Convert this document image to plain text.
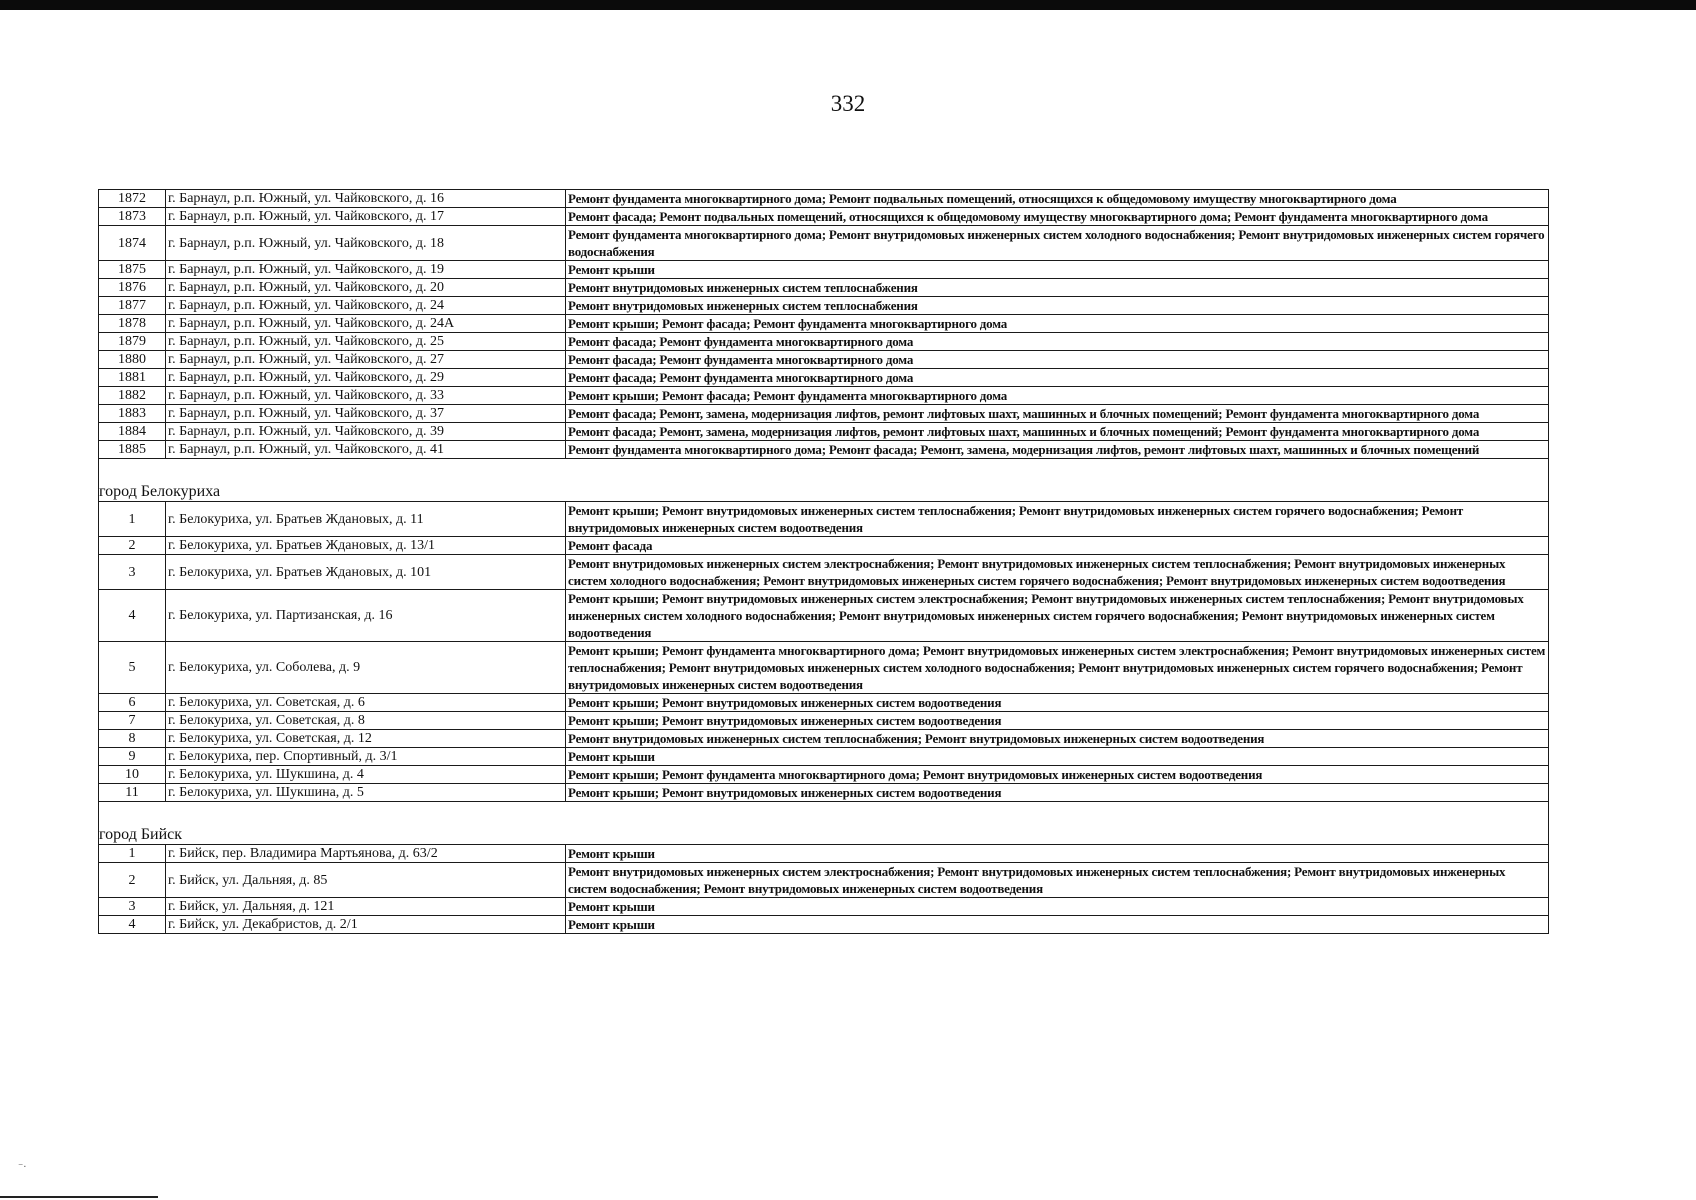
332
1872	г. Барнаул, р.п. Южный, ул. Чайковского, д. 16	Ремонт фундамента многоквартирного дома; Ремонт подвальных помещений, относящихся к общедомовому имуществу многоквартирного дома
1873	г. Барнаул, р.п. Южный, ул. Чайковского, д. 17	Ремонт фасада; Ремонт подвальных помещений, относящихся к общедомовому имуществу многоквартирного дома; Ремонт фундамента многоквартирного дома
1874	г. Барнаул, р.п. Южный, ул. Чайковского, д. 18	Ремонт фундамента многоквартирного дома; Ремонт внутридомовых инженерных систем холодного водоснабжения; Ремонт внутридомовых инженерных систем горячего водоснабжения
1875	г. Барнаул, р.п. Южный, ул. Чайковского, д. 19	Ремонт крыши
1876	г. Барнаул, р.п. Южный, ул. Чайковского, д. 20	Ремонт внутридомовых инженерных систем теплоснабжения
1877	г. Барнаул, р.п. Южный, ул. Чайковского, д. 24	Ремонт внутридомовых инженерных систем теплоснабжения
1878	г. Барнаул, р.п. Южный, ул. Чайковского, д. 24А	Ремонт крыши; Ремонт фасада; Ремонт фундамента многоквартирного дома
1879	г. Барнаул, р.п. Южный, ул. Чайковского, д. 25	Ремонт фасада; Ремонт фундамента многоквартирного дома
1880	г. Барнаул, р.п. Южный, ул. Чайковского, д. 27	Ремонт фасада; Ремонт фундамента многоквартирного дома
1881	г. Барнаул, р.п. Южный, ул. Чайковского, д. 29	Ремонт фасада; Ремонт фундамента многоквартирного дома
1882	г. Барнаул, р.п. Южный, ул. Чайковского, д. 33	Ремонт крыши; Ремонт фасада; Ремонт фундамента многоквартирного дома
1883	г. Барнаул, р.п. Южный, ул. Чайковского, д. 37	Ремонт фасада; Ремонт, замена, модернизация лифтов, ремонт лифтовых шахт, машинных и блочных помещений; Ремонт фундамента многоквартирного дома
1884	г. Барнаул, р.п. Южный, ул. Чайковского, д. 39	Ремонт фасада; Ремонт, замена, модернизация лифтов, ремонт лифтовых шахт, машинных и блочных помещений; Ремонт фундамента многоквартирного дома
1885	г. Барнаул, р.п. Южный, ул. Чайковского, д. 41	Ремонт фундамента многоквартирного дома; Ремонт фасада; Ремонт, замена, модернизация лифтов, ремонт лифтовых шахт, машинных и блочных помещений
город Белокуриха		
1	г. Белокуриха, ул. Братьев Ждановых, д. 11	Ремонт крыши; Ремонт внутридомовых инженерных систем теплоснабжения; Ремонт внутридомовых инженерных систем горячего водоснабжения; Ремонт внутридомовых инженерных систем водоотведения
2	г. Белокуриха, ул. Братьев Ждановых, д. 13/1	Ремонт фасада
3	г. Белокуриха, ул. Братьев Ждановых, д. 101	Ремонт внутридомовых инженерных систем электроснабжения; Ремонт внутридомовых инженерных систем теплоснабжения; Ремонт внутридомовых инженерных систем холодного водоснабжения; Ремонт внутридомовых инженерных систем горячего водоснабжения; Ремонт внутридомовых инженерных систем водоотведения
4	г. Белокуриха, ул. Партизанская, д. 16	Ремонт крыши; Ремонт внутридомовых инженерных систем электроснабжения; Ремонт внутридомовых инженерных систем теплоснабжения; Ремонт внутридомовых инженерных систем холодного водоснабжения; Ремонт внутридомовых инженерных систем горячего водоснабжения; Ремонт внутридомовых инженерных систем водоотведения
5	г. Белокуриха, ул. Соболева, д. 9	Ремонт крыши; Ремонт фундамента многоквартирного дома; Ремонт внутридомовых инженерных систем электроснабжения; Ремонт внутридомовых инженерных систем теплоснабжения; Ремонт внутридомовых инженерных систем холодного водоснабжения; Ремонт внутридомовых инженерных систем горячего водоснабжения; Ремонт внутридомовых инженерных систем водоотведения
6	г. Белокуриха, ул. Советская, д. 6	Ремонт крыши; Ремонт внутридомовых инженерных систем водоотведения
7	г. Белокуриха, ул. Советская, д. 8	Ремонт крыши; Ремонт внутридомовых инженерных систем водоотведения
8	г. Белокуриха, ул. Советская, д. 12	Ремонт внутридомовых инженерных систем теплоснабжения; Ремонт внутридомовых инженерных систем водоотведения
9	г. Белокуриха, пер. Спортивный, д. 3/1	Ремонт крыши
10	г. Белокуриха, ул. Шукшина, д. 4	Ремонт крыши; Ремонт фундамента многоквартирного дома; Ремонт внутридомовых инженерных систем водоотведения
11	г. Белокуриха, ул. Шукшина, д. 5	Ремонт крыши; Ремонт внутридомовых инженерных систем водоотведения
город Бийск		
1	г. Бийск, пер. Владимира Мартьянова, д. 63/2	Ремонт крыши
2	г. Бийск, ул. Дальняя, д. 85	Ремонт внутридомовых инженерных систем электроснабжения; Ремонт внутридомовых инженерных систем теплоснабжения; Ремонт внутридомовых инженерных систем водоснабжения; Ремонт внутридомовых инженерных систем водоотведения
3	г. Бийск, ул. Дальняя, д. 121	Ремонт крыши
4	г. Бийск, ул. Декабристов, д. 2/1	Ремонт крыши
⁻·
